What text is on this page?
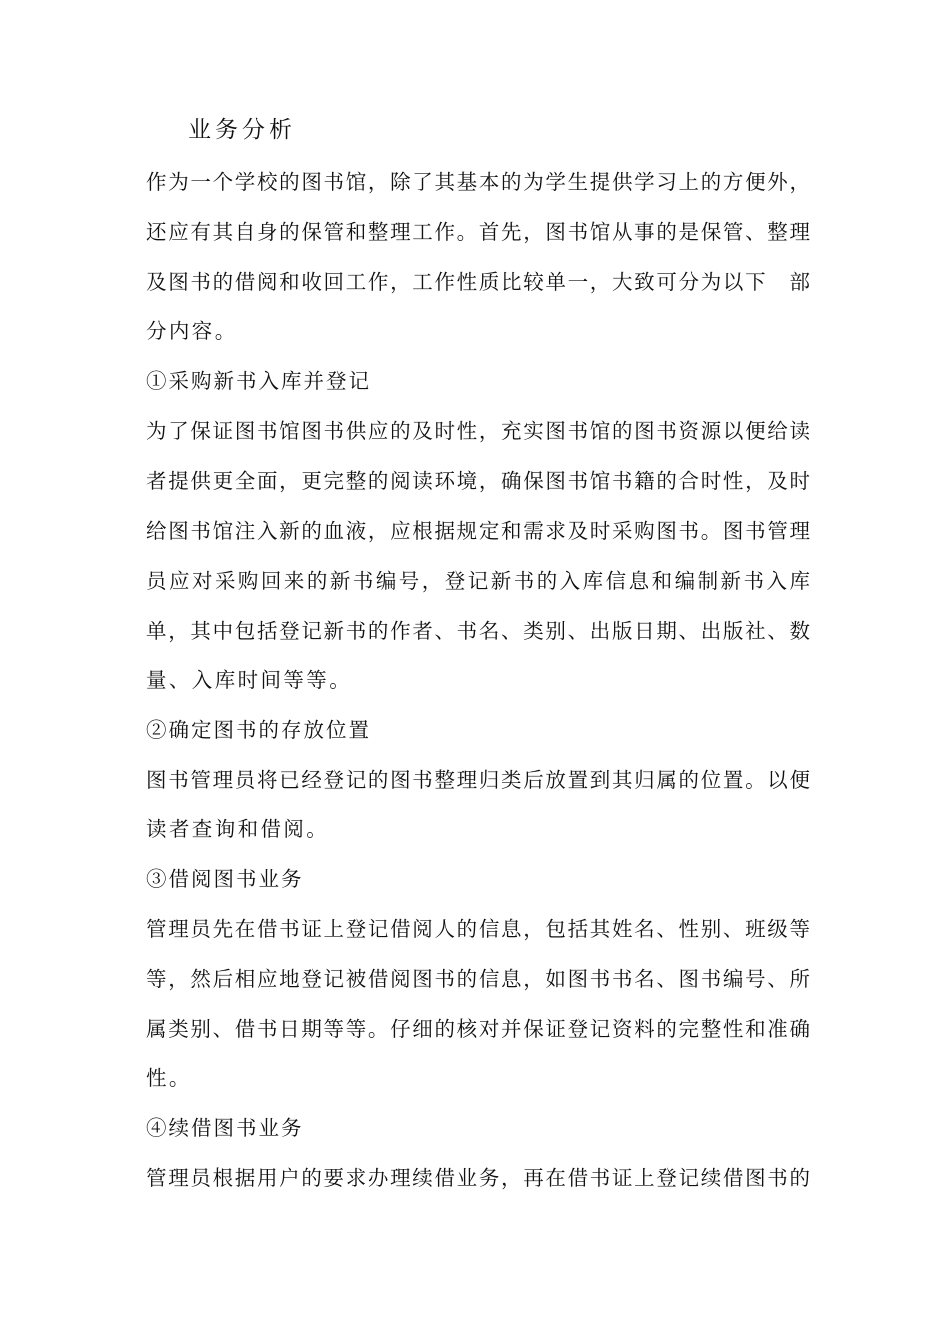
业务分析
作为一个学校的图书馆，除了其基本的为学生提供学习上的方便外，
还应有其自身的保管和整理工作。首先，图书馆从事的是保管、整理
及图书的借阅和收回工作，工作性质比较单一，大致可分为以下　部
分内容。
①采购新书入库并登记
为了保证图书馆图书供应的及时性，充实图书馆的图书资源以便给读
者提供更全面，更完整的阅读环境，确保图书馆书籍的合时性，及时
给图书馆注入新的血液，应根据规定和需求及时采购图书。图书管理
员应对采购回来的新书编号，登记新书的入库信息和编制新书入库
单，其中包括登记新书的作者、书名、类别、出版日期、出版社、数
量、入库时间等等。
②确定图书的存放位置
图书管理员将已经登记的图书整理归类后放置到其归属的位置。以便
读者查询和借阅。
③借阅图书业务
管理员先在借书证上登记借阅人的信息，包括其姓名、性别、班级等
等，然后相应地登记被借阅图书的信息，如图书书名、图书编号、所
属类别、借书日期等等。仔细的核对并保证登记资料的完整性和准确
性。
④续借图书业务
管理员根据用户的要求办理续借业务，再在借书证上登记续借图书的
